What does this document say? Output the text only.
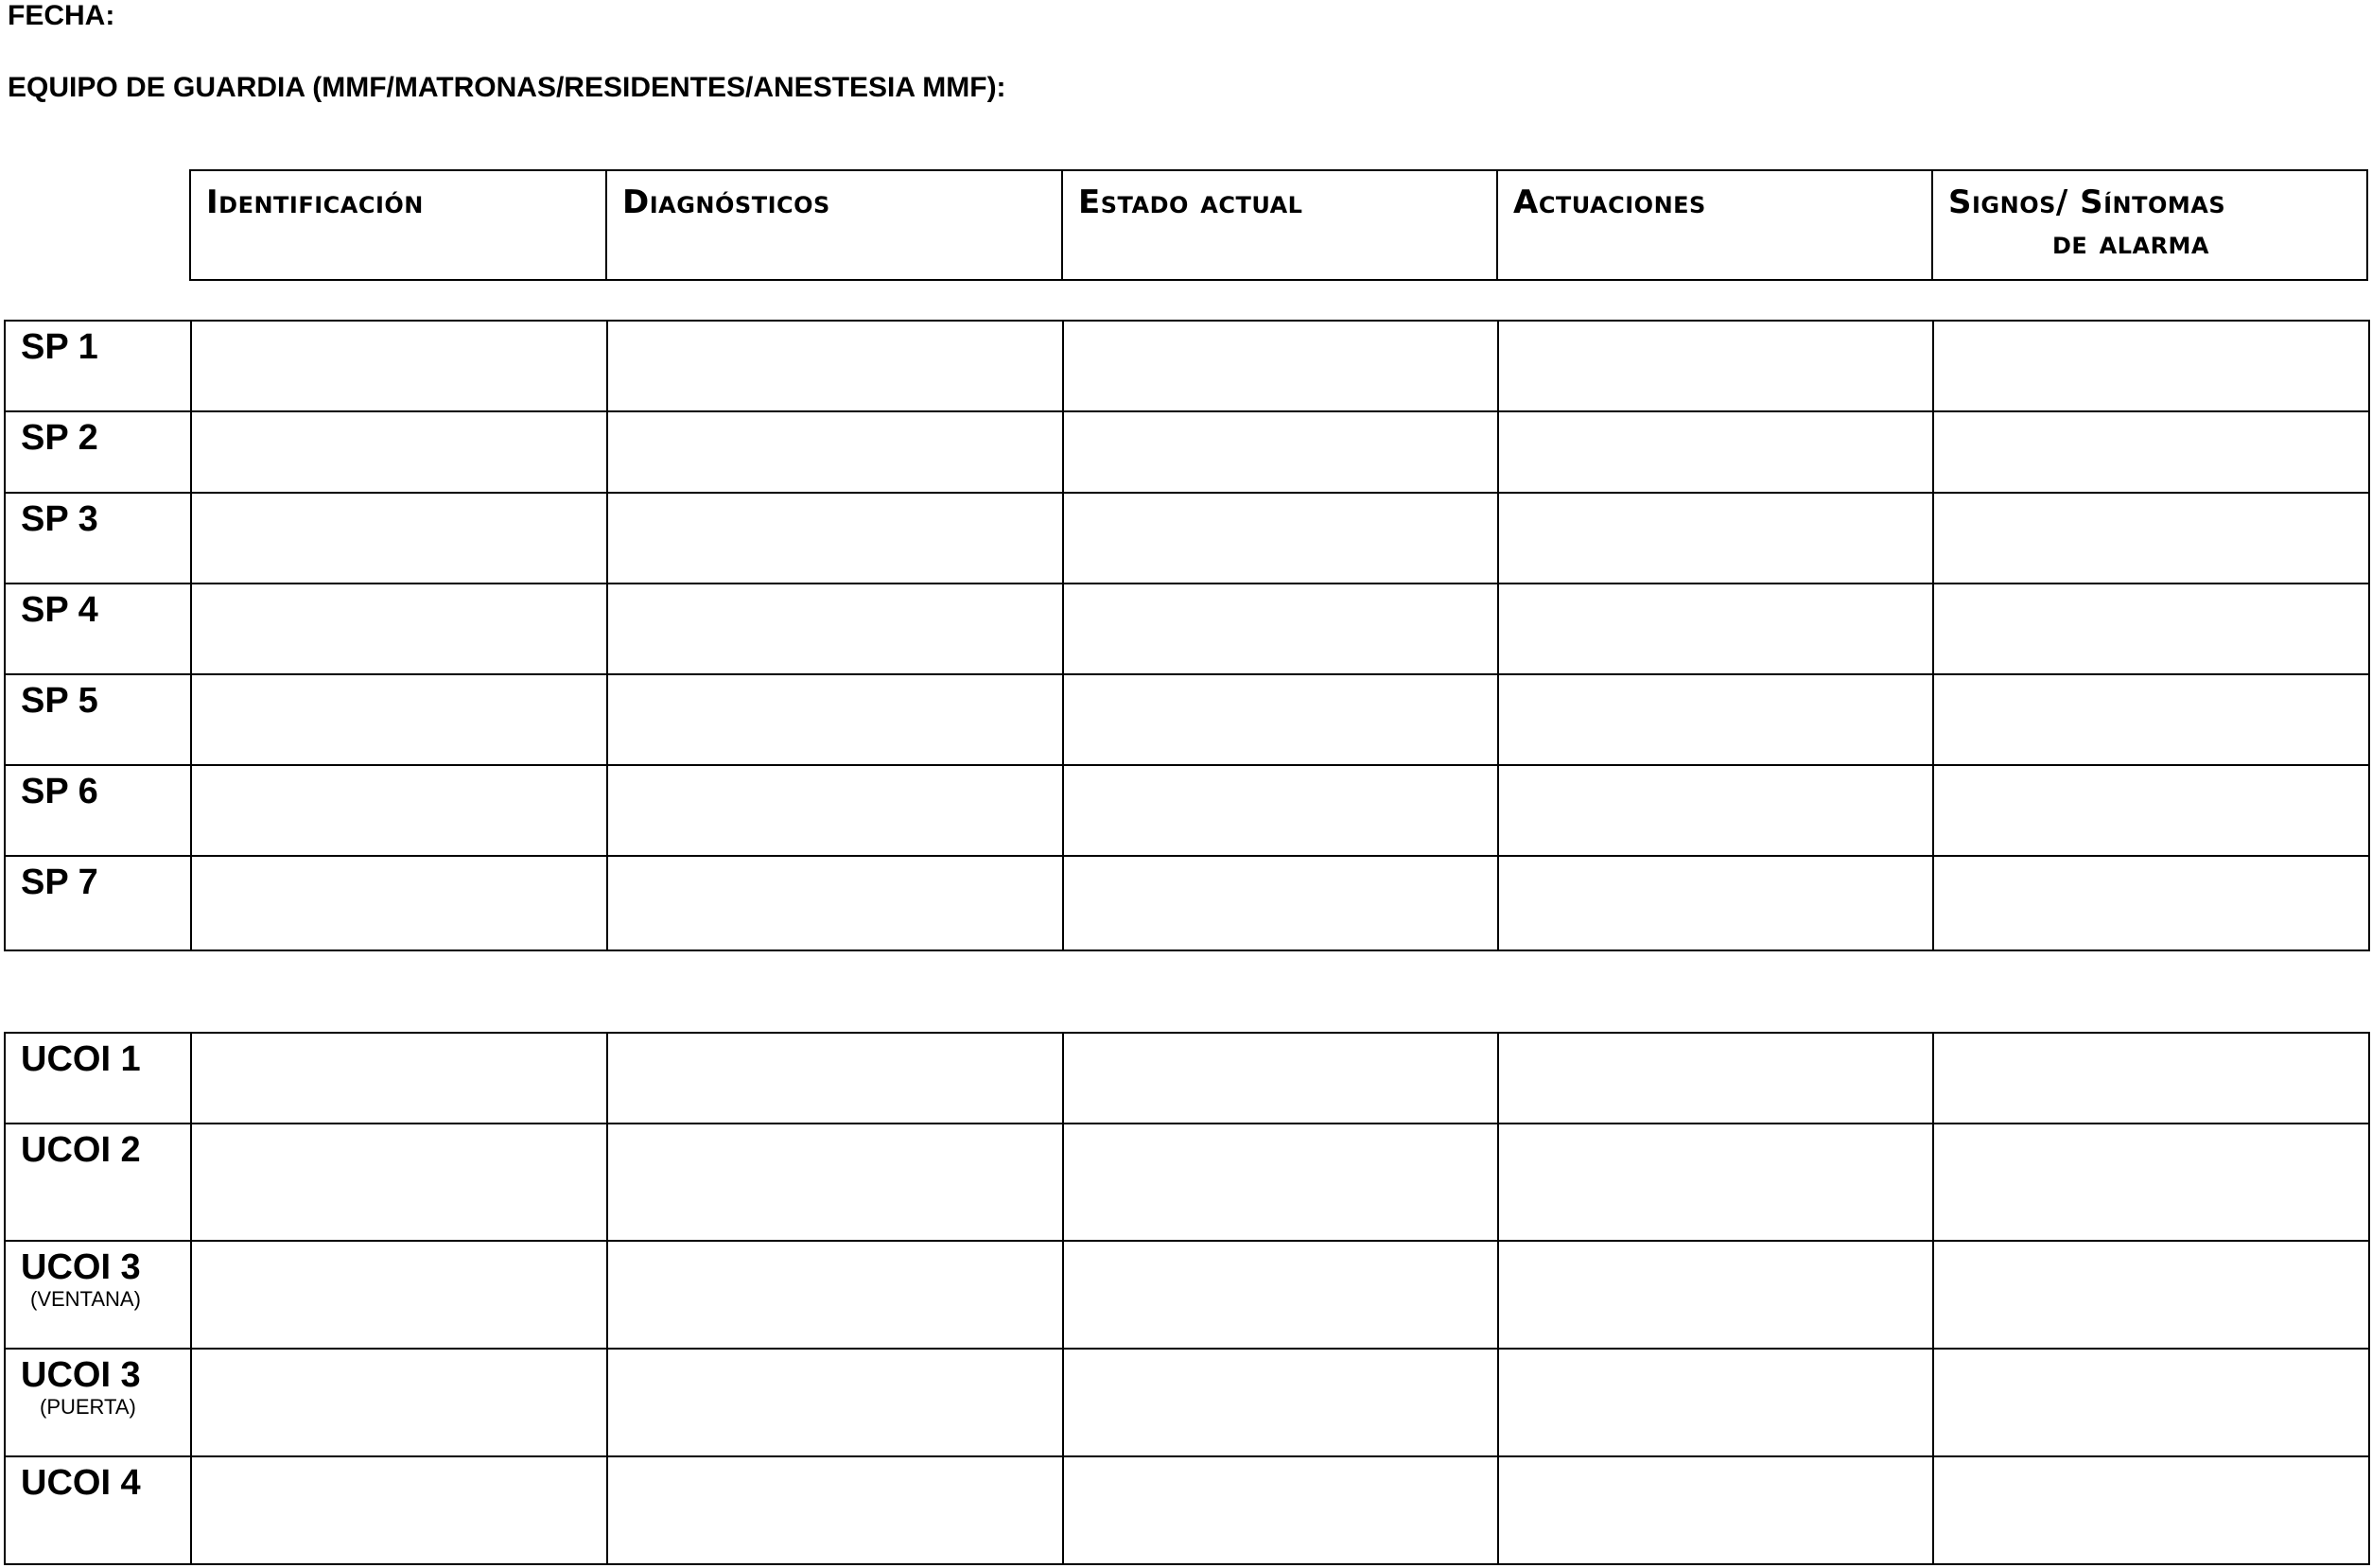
FECHA:
EQUIPO DE GUARDIA (MMF/MATRONAS/RESIDENTES/ANESTESIA MMF):
Identificación	Diagnósticos	Estado actual	Actuaciones	Signos/ Síntomas
de alarma
SP 1					

SP 2					

SP 3					

SP 4					

SP 5					

SP 6					

SP 7					

UCOI 1					

UCOI 2					

UCOI 3
(VENTANA)					

UCOI 3
(PUERTA)					

UCOI 4					
